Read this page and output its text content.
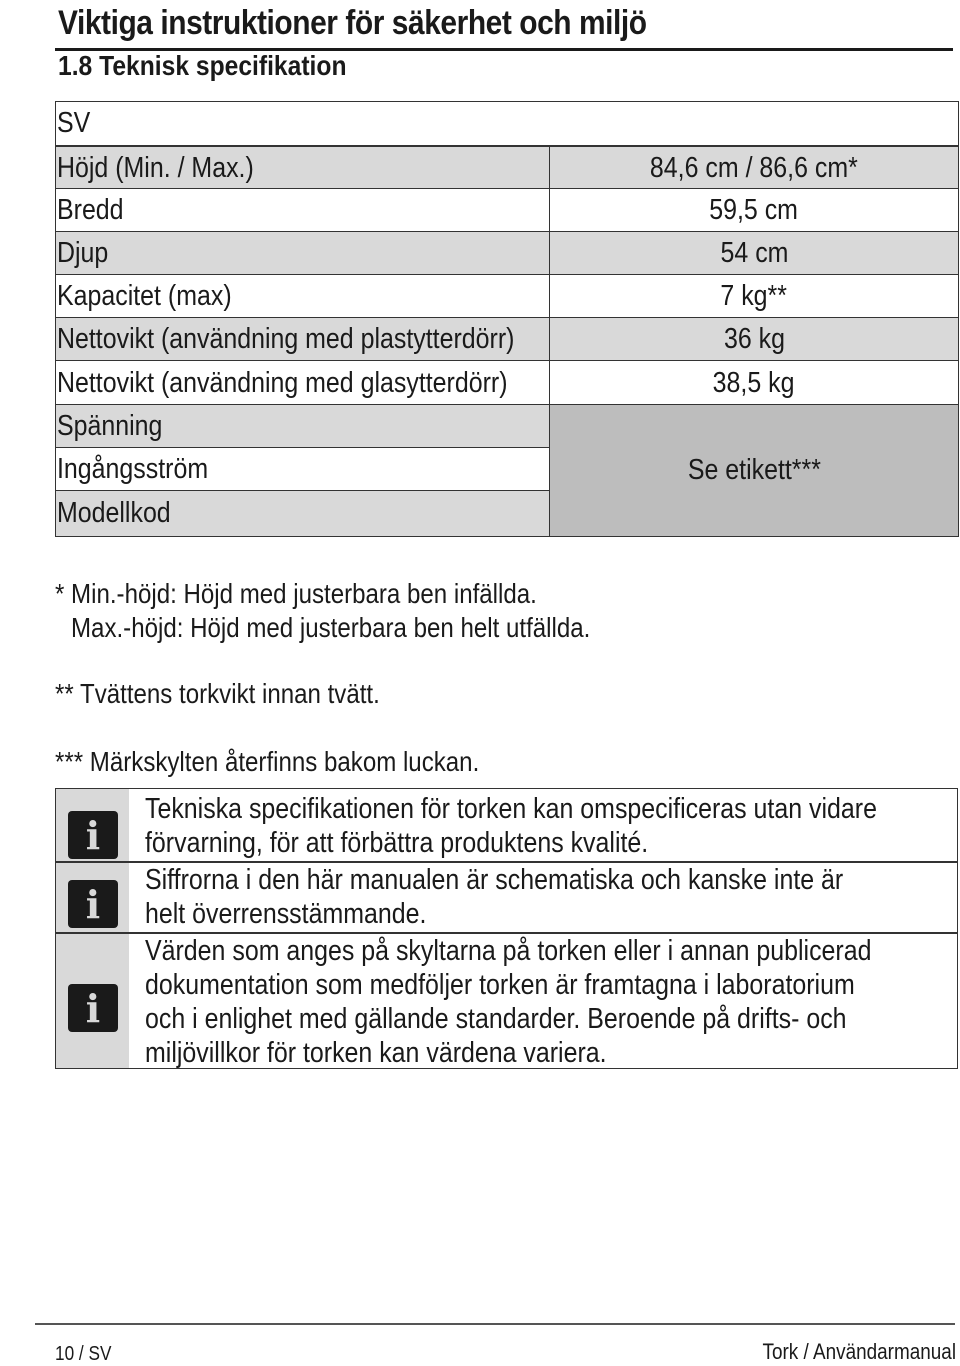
Viktiga instruktioner för säkerhet och miljö
1.8 Teknisk specifikation
SV
Höjd (Min. / Max.)	84,6 cm / 86,6 cm*
Bredd	59,5 cm
Djup	54 cm
Kapacitet (max)	7 kg**
Nettovikt (användning med plastytterdörr)	36 kg
Nettovikt (användning med glasytterdörr)	38,5 kg
Spänning
Ingångsström
Modellkod
Se etikett***
* Min.-höjd: Höjd med justerbara ben infällda.
Max.-höjd: Höjd med justerbara ben helt utfällda.
** Tvättens torkvikt innan tvätt.
*** Märkskylten återfinns bakom luckan.
i
Tekniska specifikationen för torken kan omspecificeras utan vidare
förvarning, för att förbättra produktens kvalité.
i
Siffrorna i den här manualen är schematiska och kanske inte är
helt överrensstämmande.
i
Värden som anges på skyltarna på torken eller i annan publicerad
dokumentation som medföljer torken är framtagna i laboratorium
och i enlighet med gällande standarder. Beroende på drifts- och
miljövillkor för torken kan värdena variera.
10 / SV	Tork / Användarmanual
